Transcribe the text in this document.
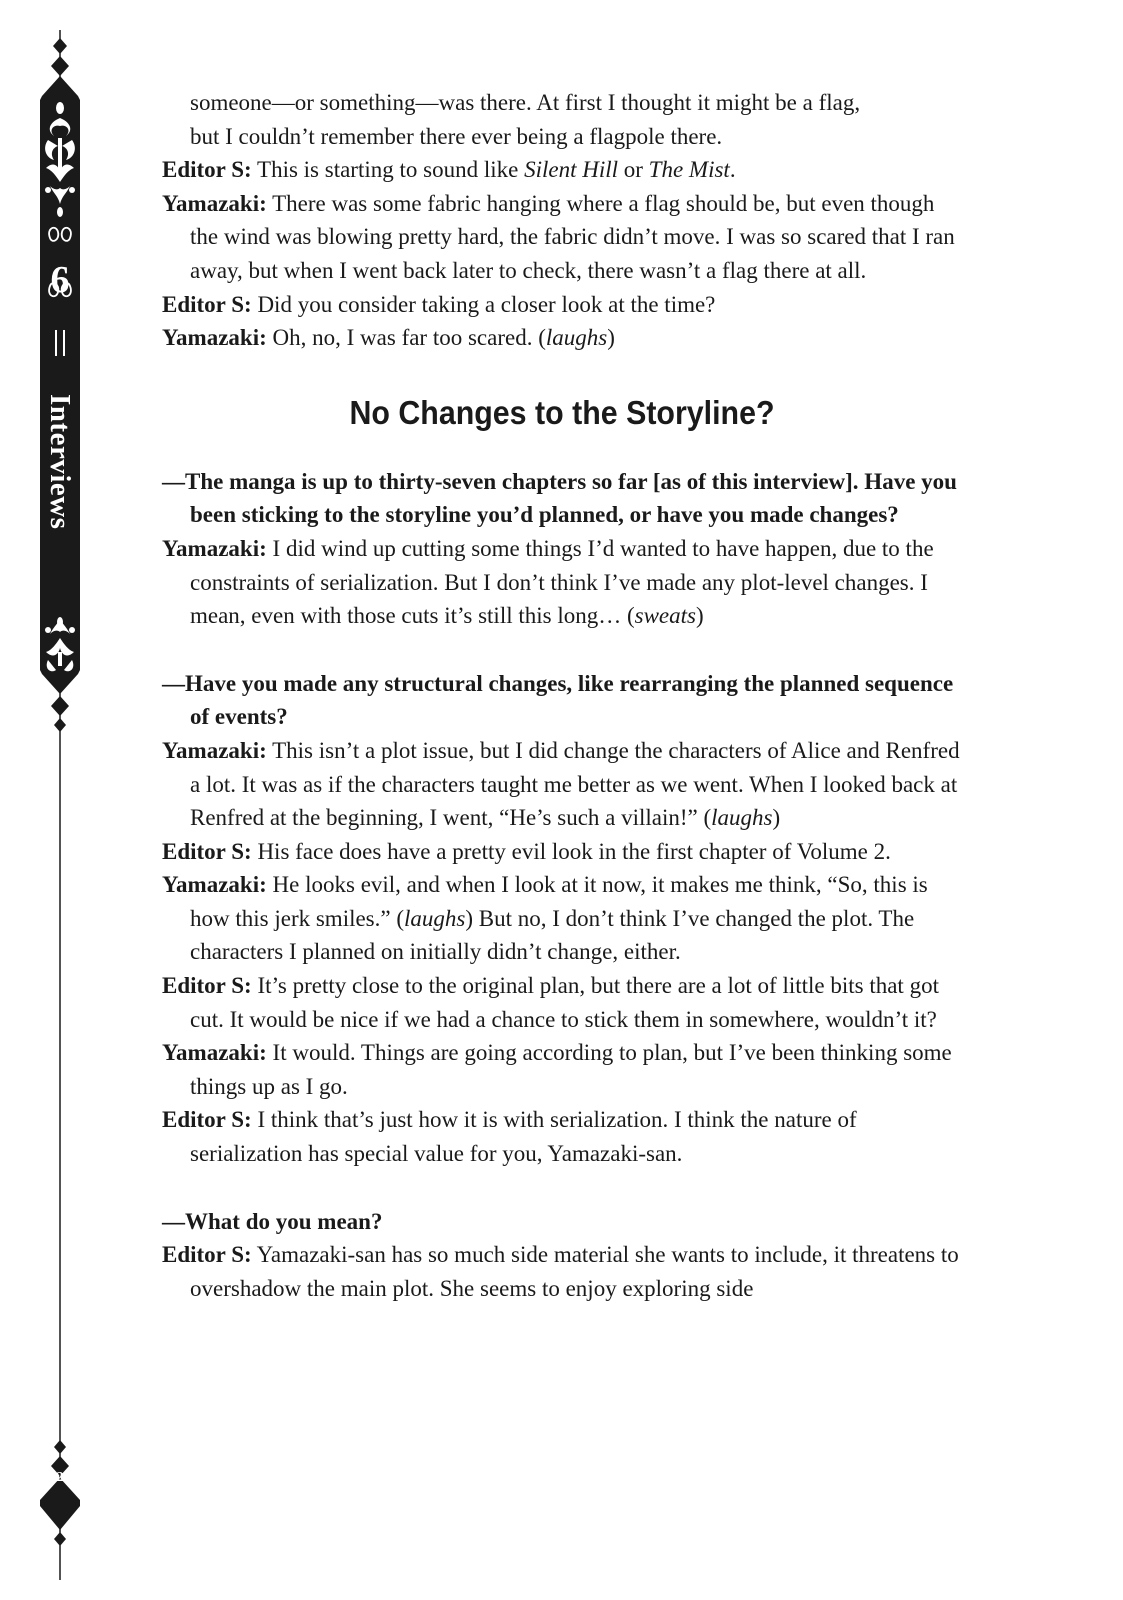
6
Interviews
221

someone—or something—was there. At first I thought it might be a flag,

but I couldn’t remember there ever being a flagpole there.

Editor S: This is starting to sound like Silent Hill or The Mist.

Yamazaki: There was some fabric hanging where a flag should be, but even though the wind was blowing pretty hard, the fabric didn’t move. I was so scared that I ran away, but when I went back later to check, there wasn’t a flag there at all.

Editor S: Did you consider taking a closer look at the time?

Yamazaki: Oh, no, I was far too scared. (laughs)

No Changes to the Storyline?

—The manga is up to thirty-seven chapters so far [as of this interview]. Have you been sticking to the storyline you’d planned, or have you made changes?

Yamazaki: I did wind up cutting some things I’d wanted to have happen, due to the constraints of serialization. But I don’t think I’ve made any plot-level changes. I mean, even with those cuts it’s still this long… (sweats)

—Have you made any structural changes, like rearranging the planned sequence of events?

Yamazaki: This isn’t a plot issue, but I did change the characters of Alice and Renfred a lot. It was as if the characters taught me better as we went. When I looked back at Renfred at the beginning, I went, “He’s such a villain!” (laughs)

Editor S: His face does have a pretty evil look in the first chapter of Volume 2.

Yamazaki: He looks evil, and when I look at it now, it makes me think, “So, this is how this jerk smiles.” (laughs) But no, I don’t think I’ve changed the plot. The characters I planned on initially didn’t change, either.

Editor S: It’s pretty close to the original plan, but there are a lot of little bits that got cut. It would be nice if we had a chance to stick them in somewhere, wouldn’t it?

Yamazaki: It would. Things are going according to plan, but I’ve been thinking some things up as I go.

Editor S: I think that’s just how it is with serialization. I think the nature of serialization has special value for you, Yamazaki-san.

—What do you mean?

Editor S: Yamazaki-san has so much side material she wants to include, it threatens to overshadow the main plot. She seems to enjoy exploring side
